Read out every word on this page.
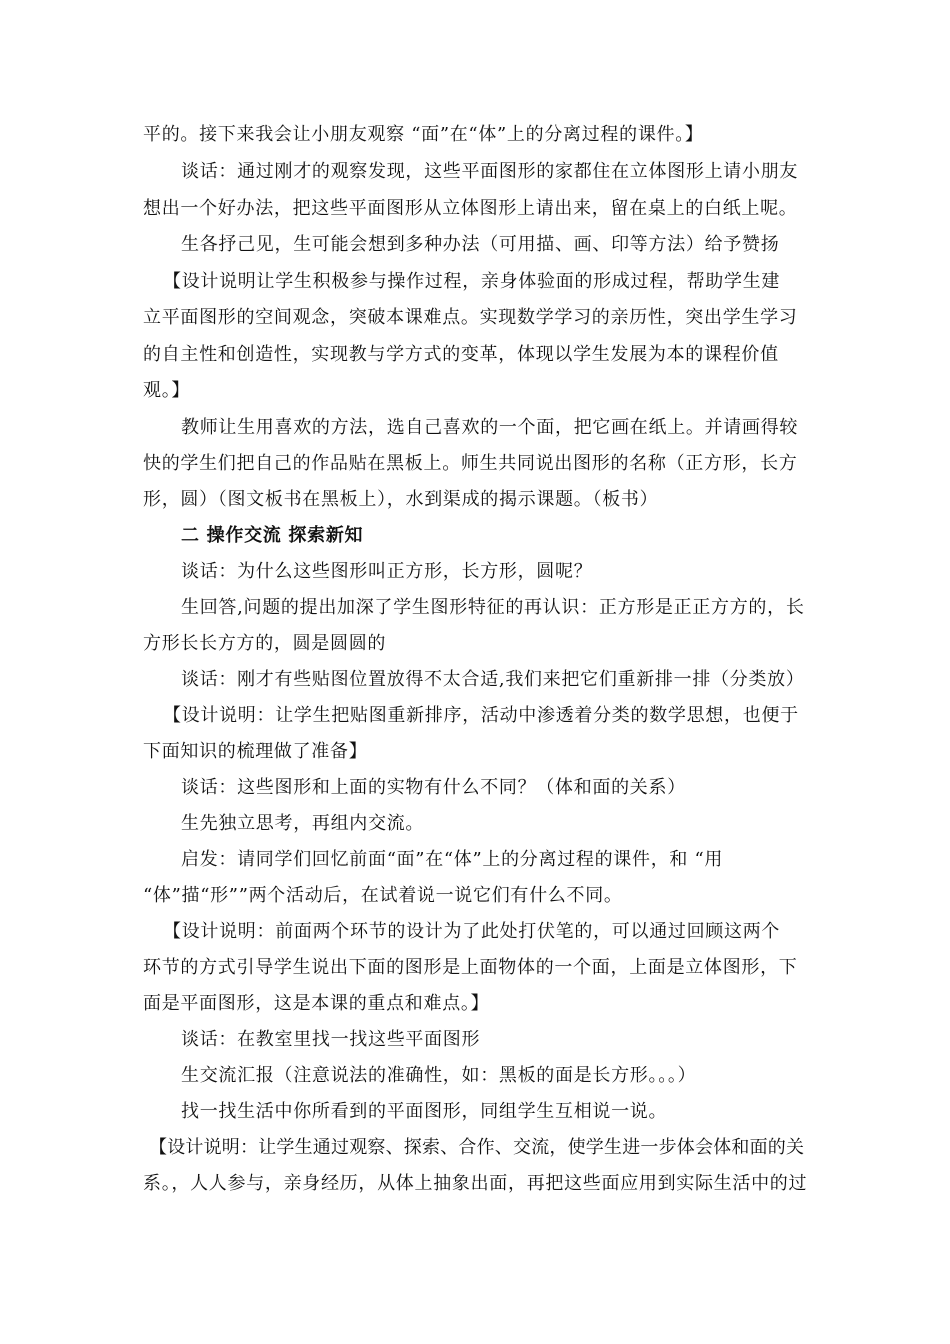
平的。接下来我会让小朋友观察 “面”在“体”上的分离过程的课件。】
谈话：通过刚才的观察发现，这些平面图形的家都住在立体图形上请小朋友
想出一个好办法，把这些平面图形从立体图形上请出来，留在桌上的白纸上呢。
生各抒己见，生可能会想到多种办法（可用描、画、印等方法）给予赞扬
【设计说明让学生积极参与操作过程，亲身体验面的形成过程，帮助学生建
立平面图形的空间观念，突破本课难点。实现数学学习的亲历性，突出学生学习
的自主性和创造性，实现教与学方式的变革，体现以学生发展为本的课程价值
观。】
教师让生用喜欢的方法，选自己喜欢的一个面，把它画在纸上。并请画得较
快的学生们把自己的作品贴在黑板上。师生共同说出图形的名称（正方形，长方
形，圆）（图文板书在黑板上），水到渠成的揭示课题。（板书）
二 操作交流 探索新知
谈话：为什么这些图形叫正方形，长方形，圆呢？
生回答,问题的提出加深了学生图形特征的再认识：正方形是正正方方的，长
方形长长方方的，圆是圆圆的
谈话：刚才有些贴图位置放得不太合适,我们来把它们重新排一排（分类放）
【设计说明：让学生把贴图重新排序，活动中渗透着分类的数学思想，也便于
下面知识的梳理做了准备】
谈话：这些图形和上面的实物有什么不同？（体和面的关系）
生先独立思考，再组内交流。
启发：请同学们回忆前面“面”在“体”上的分离过程的课件，和 “用
“体”描“形””两个活动后，在试着说一说它们有什么不同。
【设计说明：前面两个环节的设计为了此处打伏笔的，可以通过回顾这两个
环节的方式引导学生说出下面的图形是上面物体的一个面，上面是立体图形，下
面是平面图形，这是本课的重点和难点。】
谈话：在教室里找一找这些平面图形
生交流汇报（注意说法的准确性，如：黑板的面是长方形。。。）
找一找生活中你所看到的平面图形，同组学生互相说一说。
【设计说明：让学生通过观察、探索、合作、交流，使学生进一步体会体和面的关
系。，人人参与，亲身经历，从体上抽象出面，再把这些面应用到实际生活中的过
